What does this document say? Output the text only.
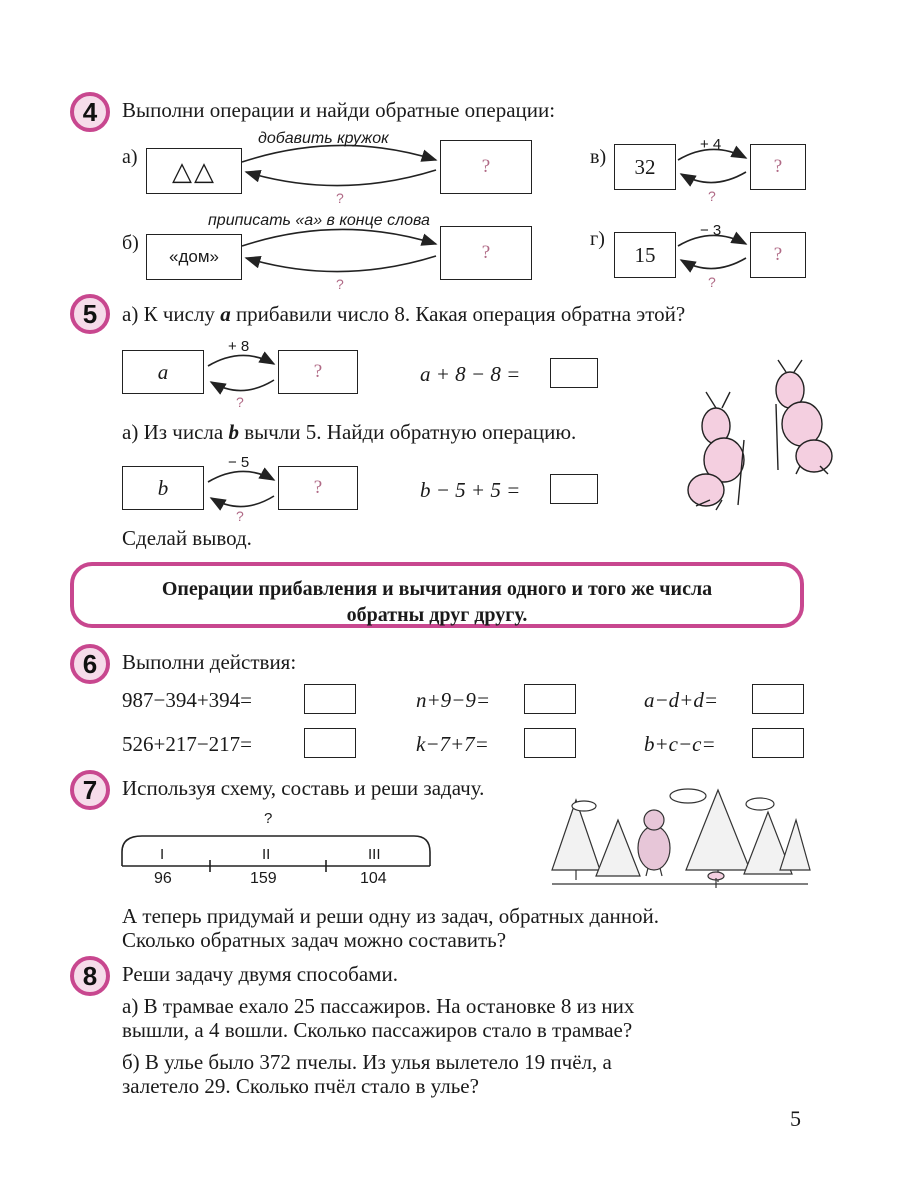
4	Выполни операции и найди обратные операции:
а)	△△
добавить кружок
?
?
б)
«дом»
приписать «а» в конце слова
?
?
в)	32
+ 4
?
?
г)
15
− 3
?
?
5	а) К числу a прибавили число 8. Какая операция обратна этой?
a
+ 8
?
?
a + 8 − 8 =
а) Из числа b вычли 5. Найди обратную операцию.
b
− 5
?
?
b − 5 + 5 =
Сделай вывод.
Операции прибавления и вычитания одного и того же числа
обратны друг другу.
6	Выполни действия:
987−394+394=	n+9−9=	a−d+d=
526+217−217=	k−7+7=	b+c−c=
7	Используя схему, составь и реши задачу.
?
I	II	III
96	159	104
А теперь придумай и реши одну из задач, обратных данной.
Сколько обратных задач можно составить?
8	Реши задачу двумя способами.
а) В трамвае ехало 25 пассажиров. На остановке 8 из них
вышли, а 4 вошли. Сколько пассажиров стало в трамвае?
б) В улье было 372 пчелы. Из улья вылетело 19 пчёл, а
залетело 29. Сколько пчёл стало в улье?
5
